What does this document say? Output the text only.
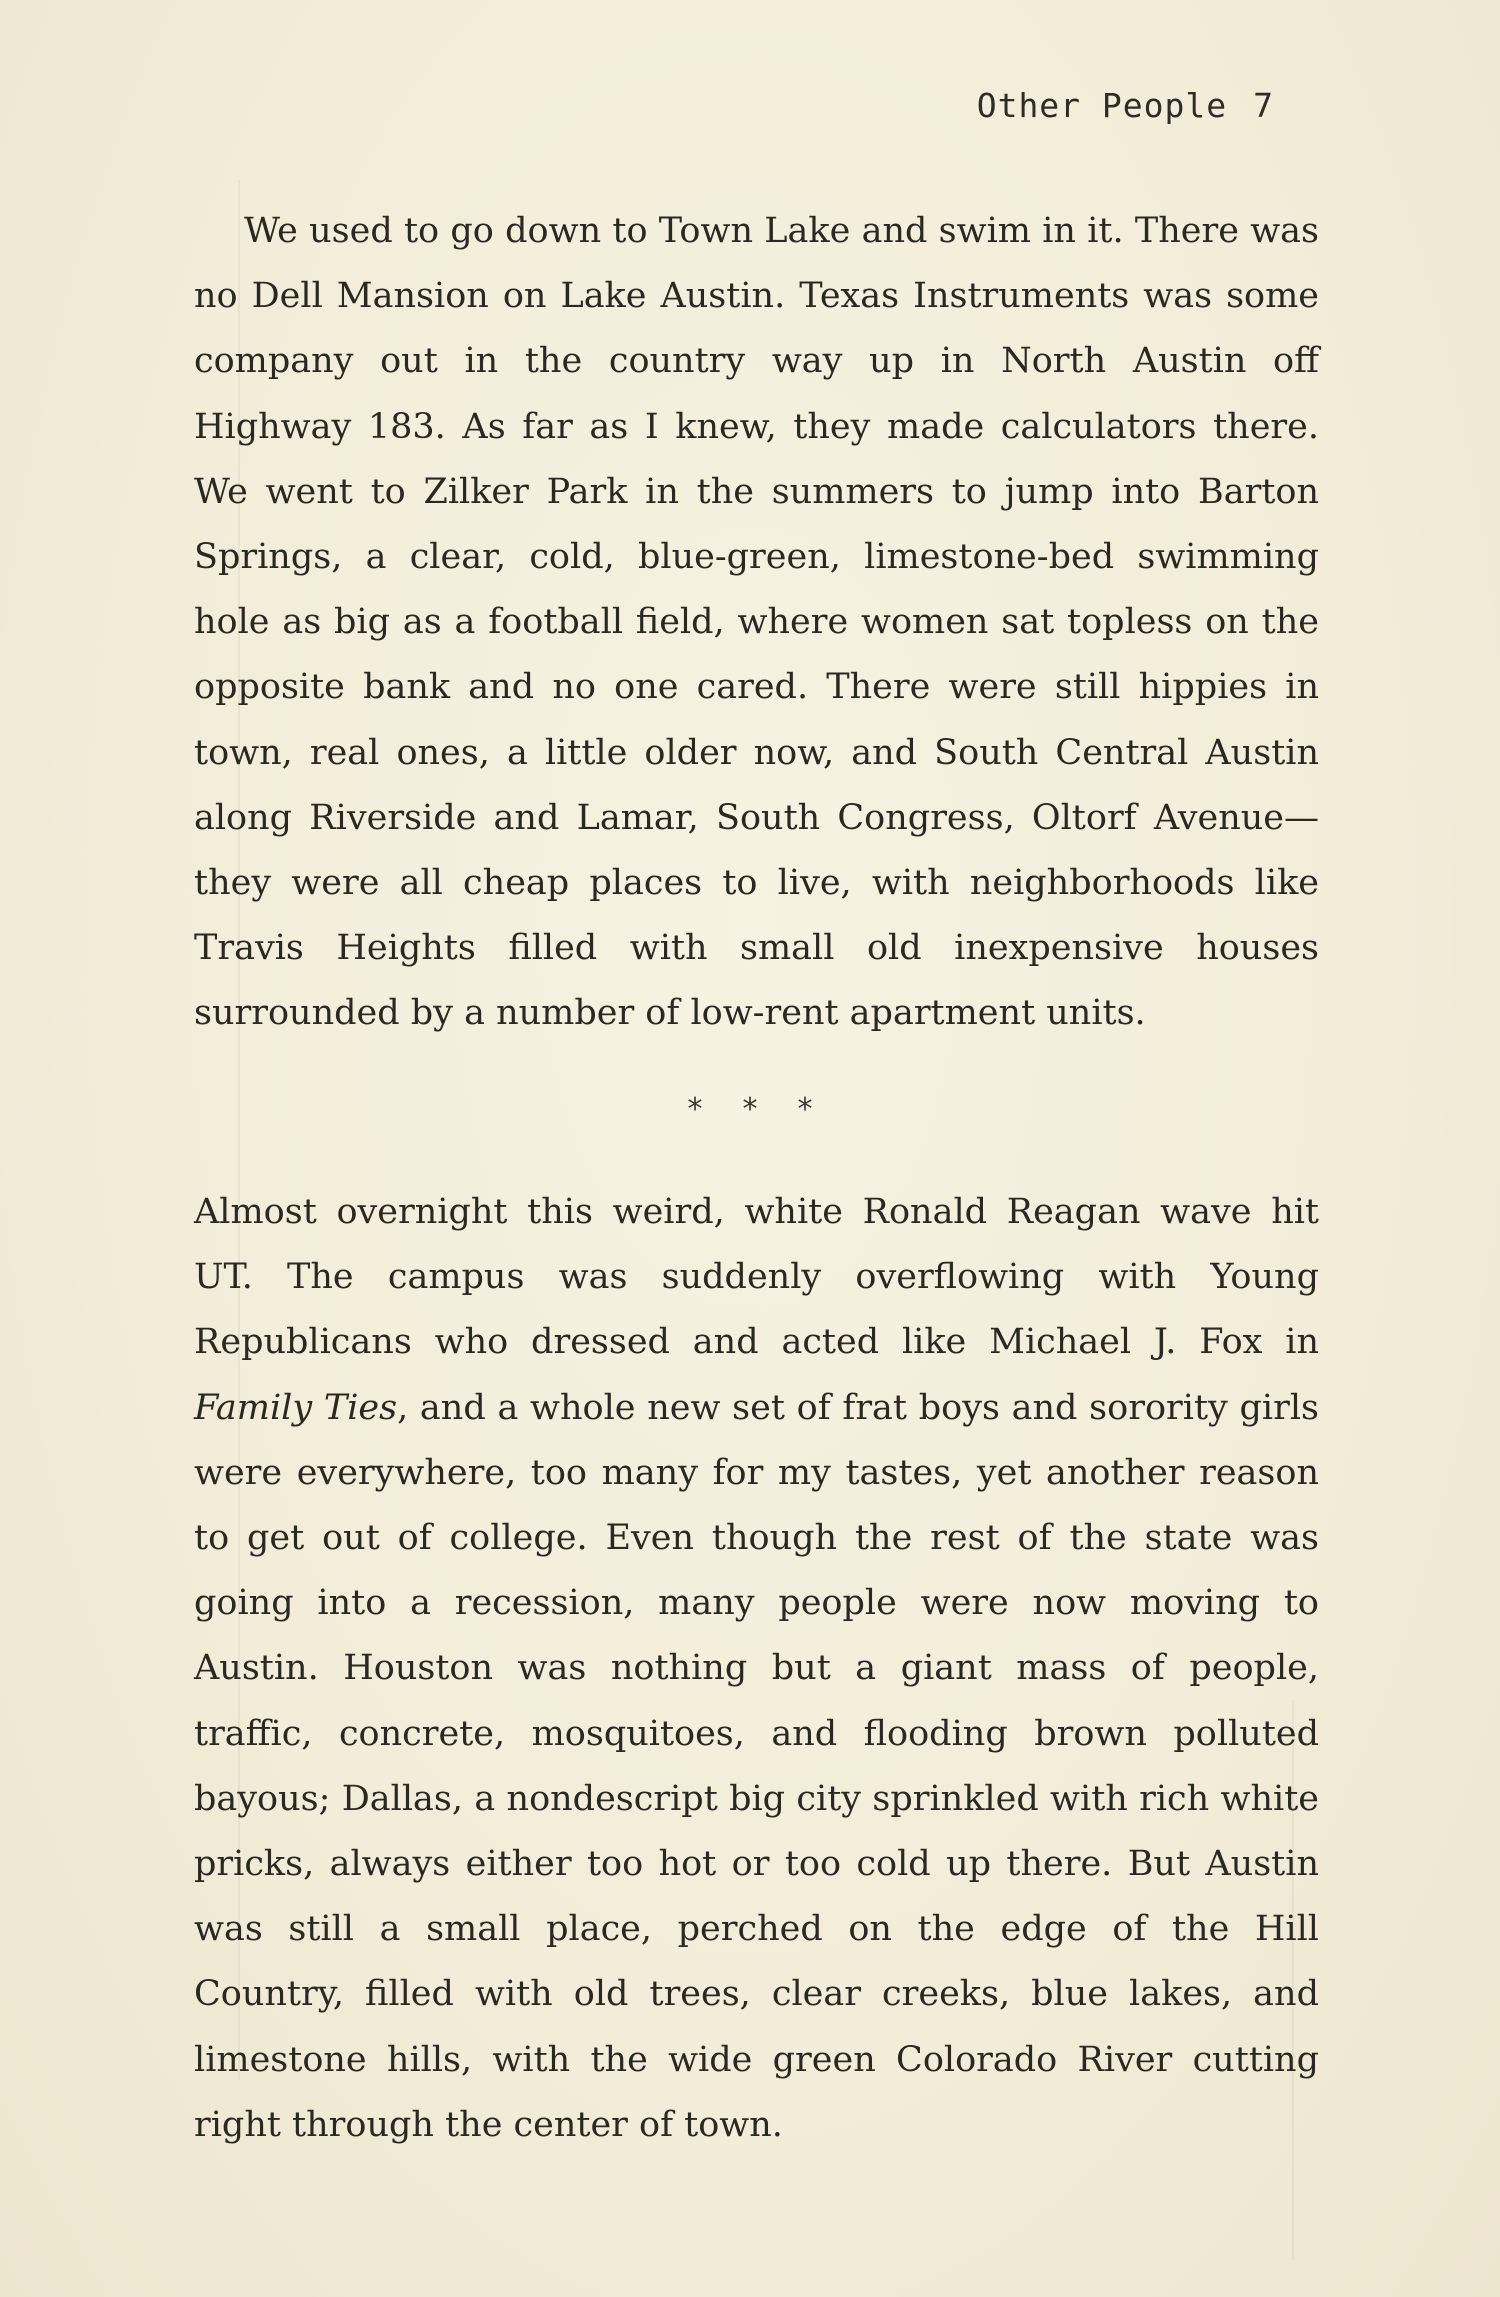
Other People 7

We used to go down to Town Lake and swim in it. There was no Dell Mansion on Lake Austin. Texas Instruments was some company out in the country way up in North Austin off Highway 183. As far as I knew, they made calculators there. We went to Zilker Park in the summers to jump into Barton Springs, a clear, cold, blue-green, limestone-bed swimming hole as big as a football field, where women sat topless on the opposite bank and no one cared. There were still hippies in town, real ones, a little older now, and South Central Austin along Riverside and Lamar, South Congress, Oltorf Avenue—they were all cheap places to live, with neighborhoods like Travis Heights filled with small old inexpensive houses surrounded by a number of low-rent apartment units.

* * *

Almost overnight this weird, white Ronald Reagan wave hit UT. The campus was suddenly overflowing with Young Republicans who dressed and acted like Michael J. Fox in Family Ties, and a whole new set of frat boys and sorority girls were everywhere, too many for my tastes, yet another reason to get out of college. Even though the rest of the state was going into a recession, many people were now moving to Austin. Houston was nothing but a giant mass of people, traffic, concrete, mosquitoes, and flooding brown polluted bayous; Dallas, a nondescript big city sprinkled with rich white pricks, always either too hot or too cold up there. But Austin was still a small place, perched on the edge of the Hill Country, filled with old trees, clear creeks, blue lakes, and limestone hills, with the wide green Colorado River cutting right through the center of town.
